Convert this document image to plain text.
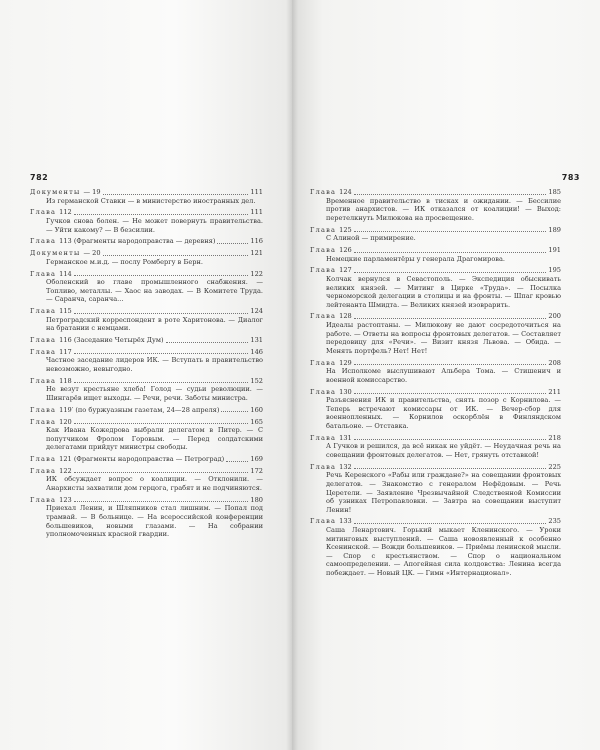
782
Документы — 19	111
Из германской Ставки — в министерство иностранных дел.
Глава 112	111
Гучков снова болен. — Не может повернуть правительства. — Уйти какому? — В безсилии.
Глава 113 (Фрагменты народоправства — деревня)	116
Документы — 20	121
Германское м.и.д. — послу Ромбергу в Берн.
Глава 114	122
Оболенский во главе промышленного снабжения. — Топливо, металлы. — Хаос на заводах. — В Комитете Труда. — Саранча, саранча...
Глава 115	124
Петроградский корреспондент в роте Харитонова. — Диалог на братании с немцами.
Глава 116 (Заседание Четырёх Дум)	131
Глава 117	146
Частное заседание лидеров ИК. — Вступать в правительство невозможно, невыгодно.
Глава 118	152
Не везут крестьяне хлеба! Голод — судьи революции. — Шингарёв ищет выходы. — Речи, речи. Заботы министра.
Глава 119′ (по буржуазным газетам, 24—28 апреля)	160
Глава 120	165
Как Ивана Кожедрова выбрали делегатом в Питер. — С попутчиком Фролом Горовым. — Перед солдатскими делегатами прийдут министры свободы.
Глава 121 (Фрагменты народоправства — Петроград)	169
Глава 122	172
ИК обсуждает вопрос о коалиции. — Отклонили. — Анархисты захватили дом герцога, грабят и не подчиняются.
Глава 123	180
Приехал Ленин, и Шляпников стал лишним. — Попал под трамвай. — В больнице. — На всероссийской конференции большевиков, новыми глазами. — На собрании уполномоченных красной гвардии.
783
Глава 124	185
Временное правительство в тисках и ожидании. — Бессилие против анархистов. — ИК отказался от коалиции! — Выход: перетелкнуть Милюкова на просвещение.
Глава 125	189
С Алиной — примирение.
Глава 126	191
Немецкие парламентёры у генерала Драгомирова.
Глава 127	195
Колчак вернулся в Севастополь. — Экспедиция обыскивать великих князей. — Митинг в Цирке «Труда». — Посылка черноморской делегации в столицы и на фронты. — Шпаг кровью лейтенанта Шмидта. — Великих князей изоврарить.
Глава 128	200
Идеалы растоптаны. — Милюкову не дают сосредоточиться на работе. — Ответы на вопросы фронтовых делегатов. — Составляет передовицу для «Речи». — Визит князя Львова. — Обида. — Менять портфель? Нет! Нет!
Глава 129	208
На Исполкоме выслушивают Альбера Тома. — Стишенич и военной комиссарство.
Глава 130	211
Разъяснения ИК и правительства, снять позор с Корнилова. — Теперь встречают комиссары от ИК. — Вечер-сбор для военнопленных. — Корнилов оскорблён в Финляндском батальоне. — Отставка.
Глава 131	218
А Гучков и решился, да всё никак не уйдёт. — Неудачная речь на совещании фронтовых делегатов. — Нет, грянуть отставкой!
Глава 132	225
Речь Керенского «Рабы или граждане?» на совещании фронтовых делегатов. — Знакомство с генералом Нефёдовым. — Речь Церетели. — Заявление Чрезвычайной Следственной Комиссии об узниках Петропавловки. — Завтра на совещании выступит Ленин!
Глава 133	235
Саша Ленартович. Горький мыкает Кленинского. — Уроки митинговых выступлений. — Саша новоявленный к особенно Ксенинской. — Вожди большевиков. — Приёмы ленинской мысли. — Спор с крестьянством. — Спор о национальном самоопределении. — Апогейная сила колдовства: Ленина всегда побеждает. — Новый ЦК. — Гимн «Интернационал».
